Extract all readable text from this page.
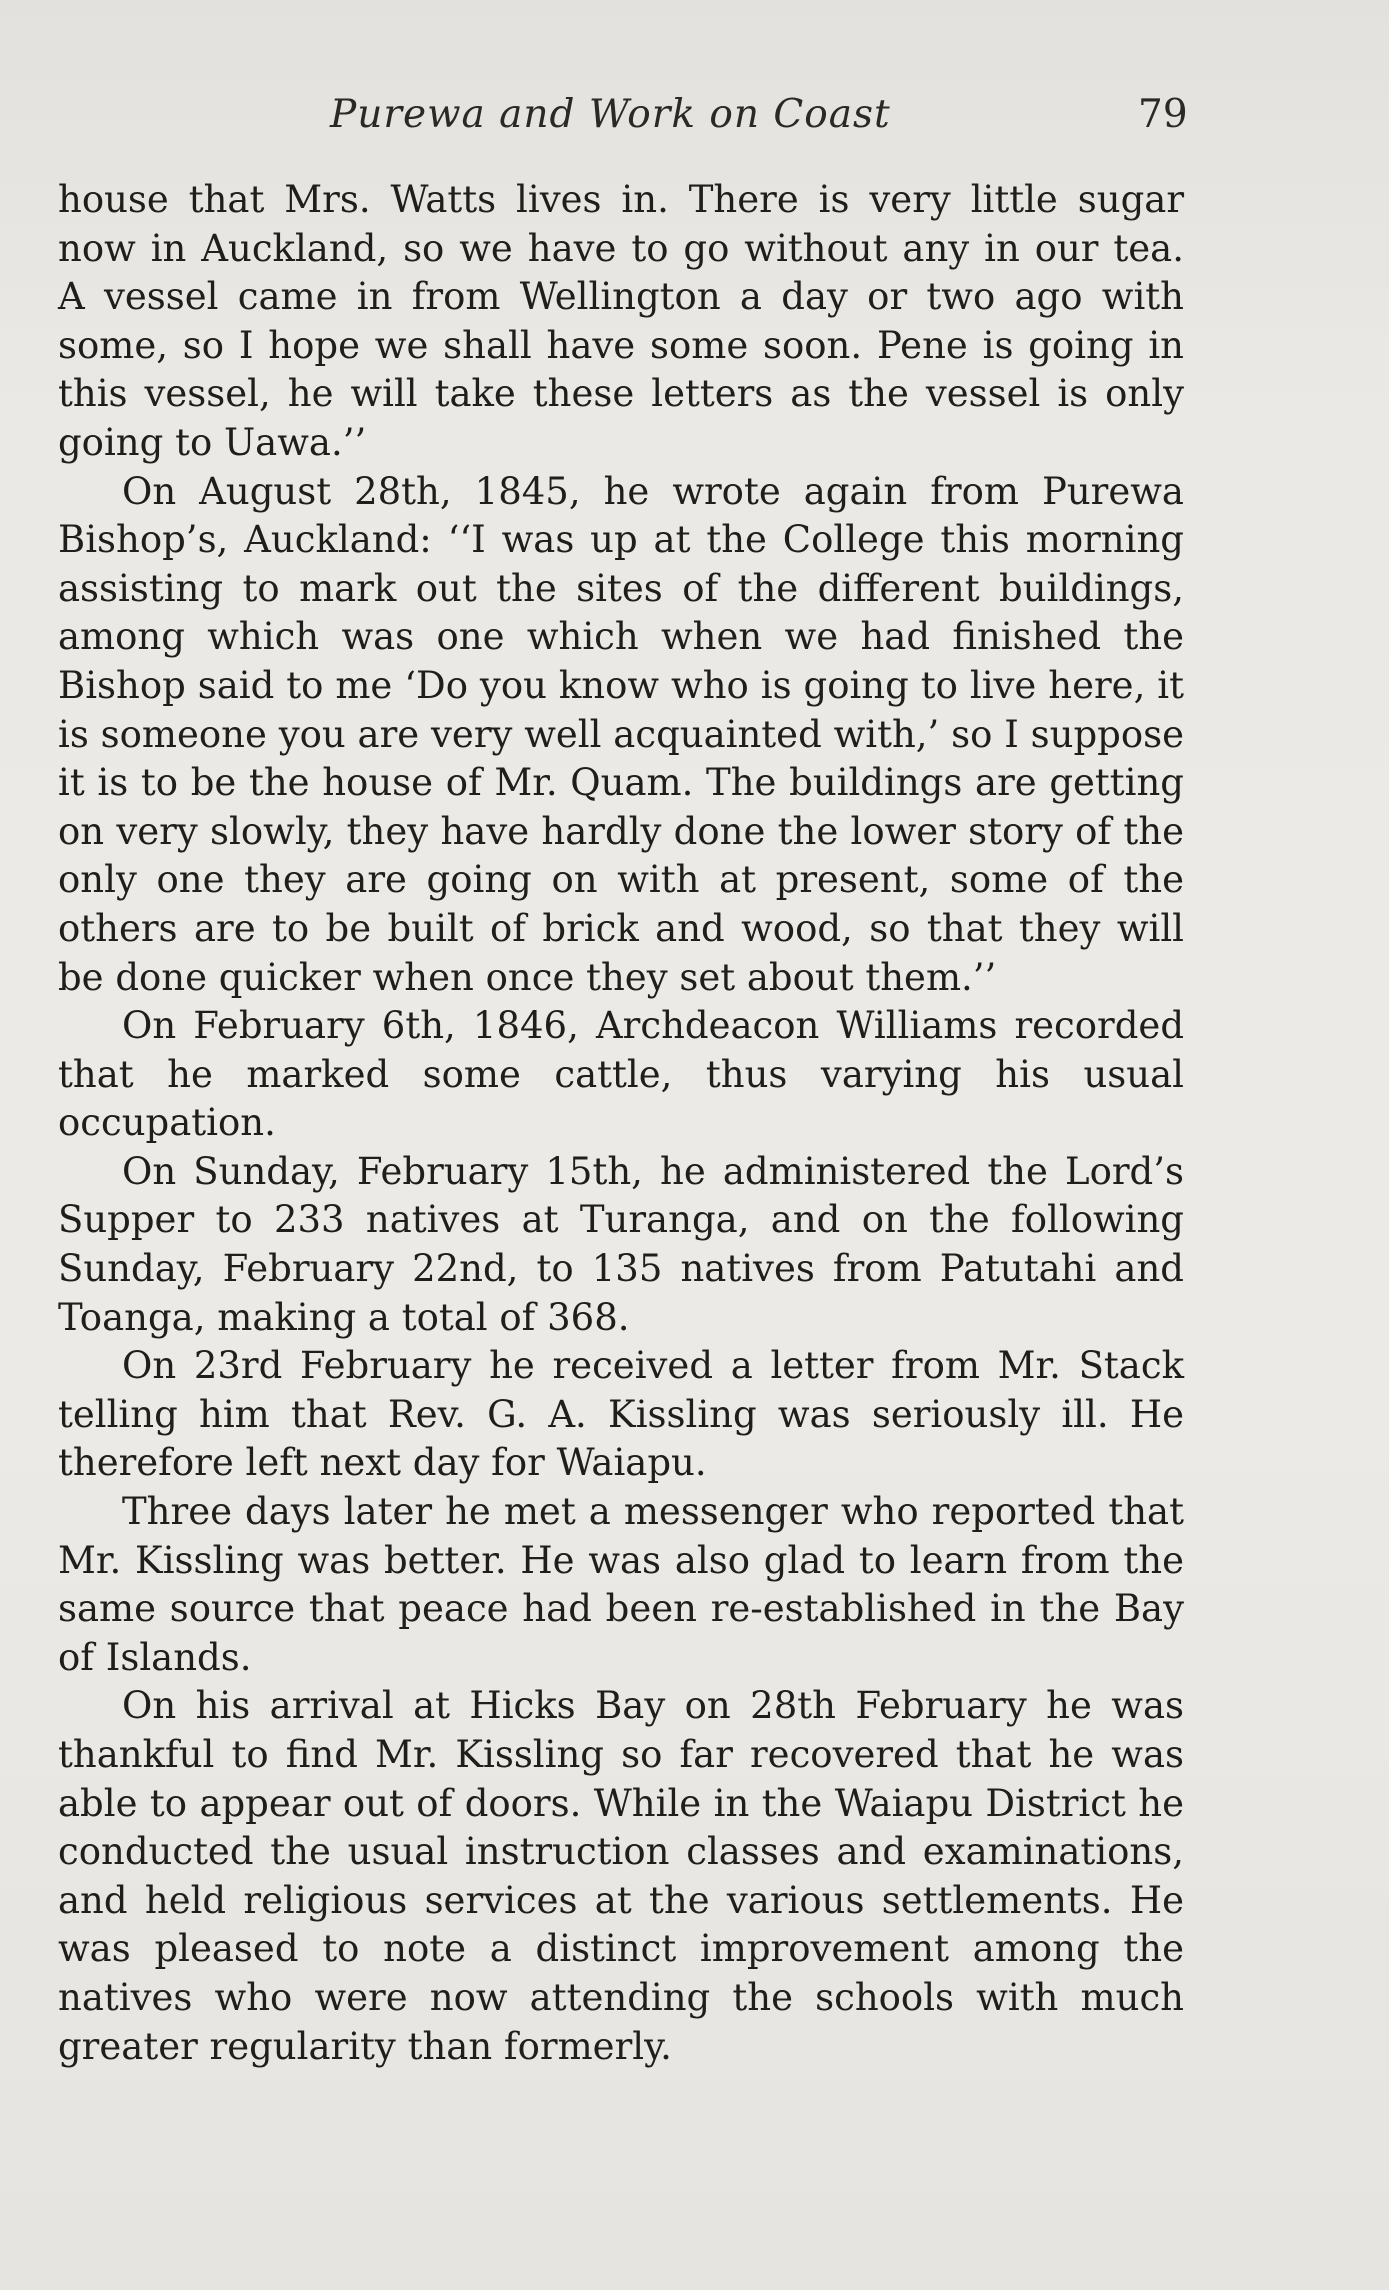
Purewa and Work on Coast	79

house that Mrs. Watts lives in. There is very little sugar now in Auckland, so we have to go without any in our tea. A vessel came in from Wellington a day or two ago with some, so I hope we shall have some soon. Pene is going in this vessel, he will take these letters as the vessel is only going to Uawa.’’

On August 28th, 1845, he wrote again from Purewa Bishop’s, Auckland: ‘‘I was up at the College this morning assisting to mark out the sites of the different buildings, among which was one which when we had finished the Bishop said to me ‘Do you know who is going to live here, it is someone you are very well acquainted with,’ so I suppose it is to be the house of Mr. Quam. The buildings are getting on very slowly, they have hardly done the lower story of the only one they are going on with at present, some of the others are to be built of brick and wood, so that they will be done quicker when once they set about them.’’

On February 6th, 1846, Archdeacon Williams recorded that he marked some cattle, thus varying his usual occupation.

On Sunday, February 15th, he administered the Lord’s Supper to 233 natives at Turanga, and on the following Sunday, February 22nd, to 135 natives from Patutahi and Toanga, making a total of 368.

On 23rd February he received a letter from Mr. Stack telling him that Rev. G. A. Kissling was seriously ill. He therefore left next day for Waiapu.

Three days later he met a messenger who reported that Mr. Kissling was better. He was also glad to learn from the same source that peace had been re-established in the Bay of Islands.

On his arrival at Hicks Bay on 28th February he was thankful to find Mr. Kissling so far recovered that he was able to appear out of doors. While in the Waiapu District he conducted the usual instruction classes and examinations, and held religious services at the various settlements. He was pleased to note a distinct improvement among the natives who were now attending the schools with much greater regularity than formerly.
